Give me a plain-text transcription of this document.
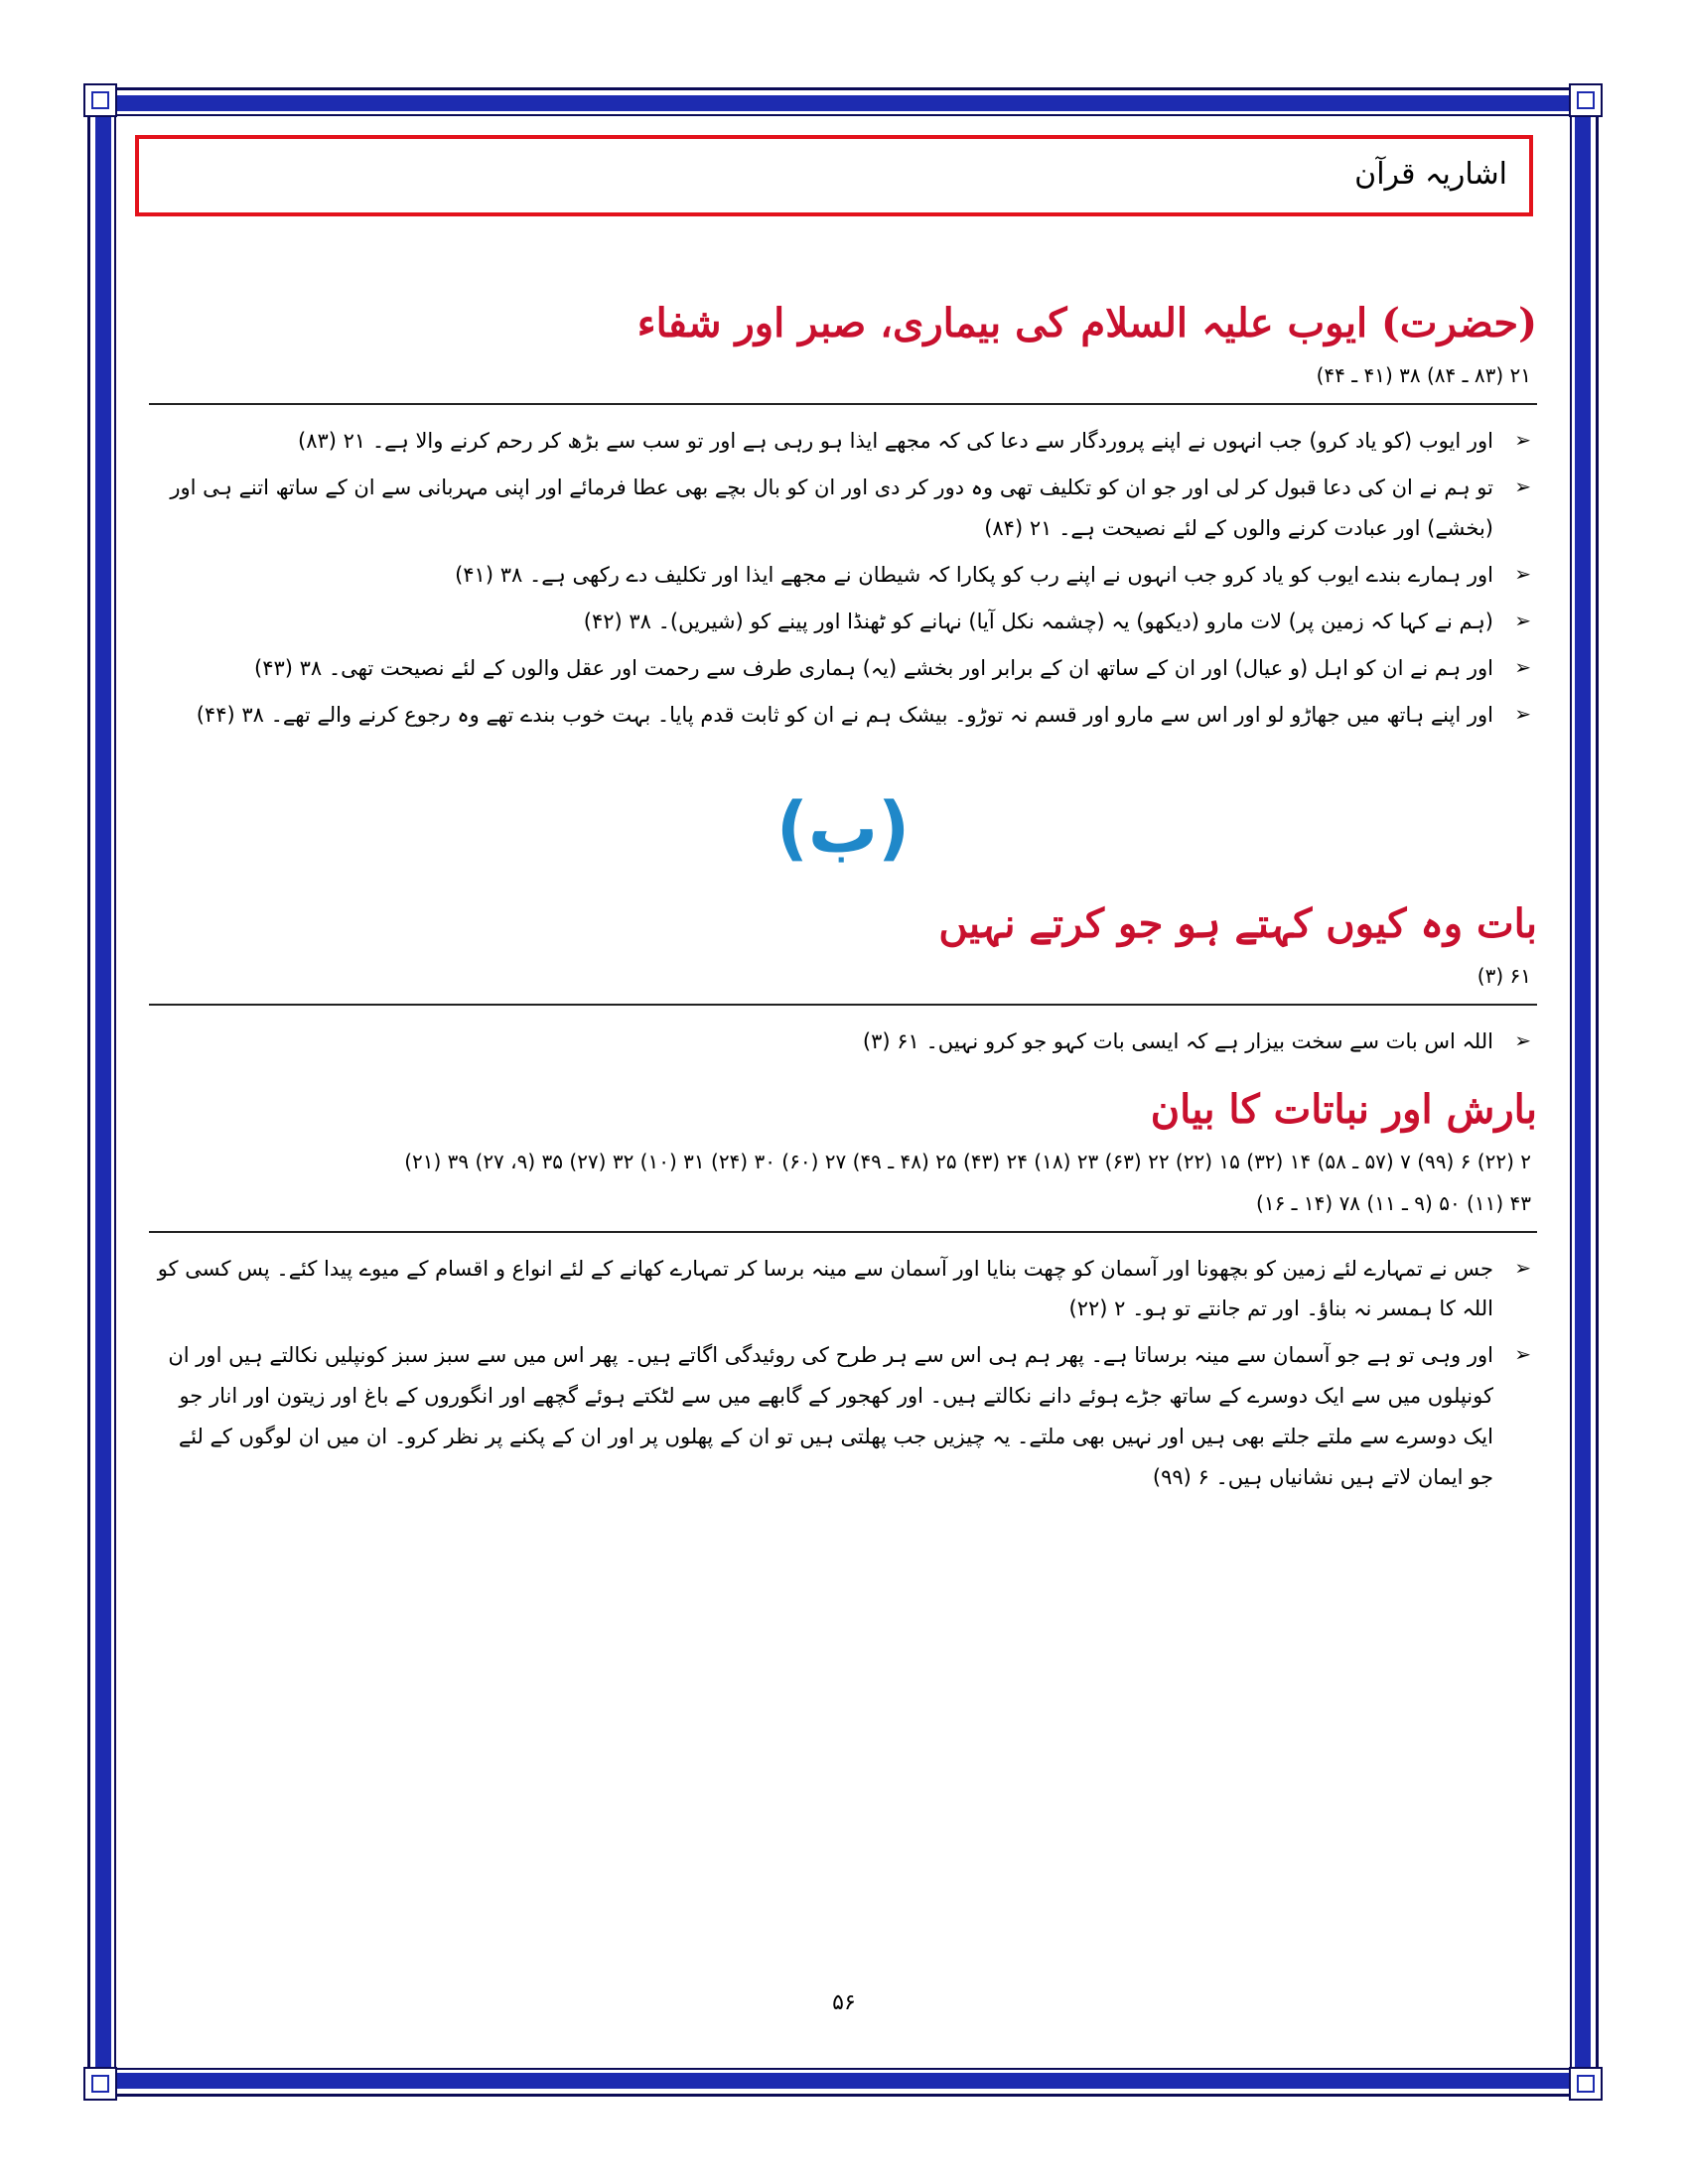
اشاریہ قرآن
(حضرت) ایوب علیہ السلام کی بیماری، صبر اور شفاء
۲۱ (۸۳ ـ ۸۴) ۳۸ (۴۱ ـ ۴۴)
➢
اور ایوب (کو یاد کرو) جب انہوں نے اپنے پروردگار سے دعا کی کہ مجھے ایذا ہو رہی ہے اور تو سب سے بڑھ کر رحم کرنے والا ہے۔ ۲۱ (۸۳)
➢
تو ہم نے ان کی دعا قبول کر لی اور جو ان کو تکلیف تھی وہ دور کر دی اور ان کو بال بچے بھی عطا فرمائے اور اپنی مہربانی سے ان کے ساتھ اتنے ہی اور (بخشے) اور عبادت کرنے والوں کے لئے نصیحت ہے۔ ۲۱ (۸۴)
➢
اور ہمارے بندے ایوب کو یاد کرو جب انہوں نے اپنے رب کو پکارا کہ شیطان نے مجھے ایذا اور تکلیف دے رکھی ہے۔ ۳۸ (۴۱)
➢
(ہم نے کہا کہ زمین پر) لات مارو (دیکھو) یہ (چشمہ نکل آیا) نہانے کو ٹھنڈا اور پینے کو (شیریں)۔ ۳۸ (۴۲)
➢
اور ہم نے ان کو اہل (و عیال) اور ان کے ساتھ ان کے برابر اور بخشے (یہ) ہماری طرف سے رحمت اور عقل والوں کے لئے نصیحت تھی۔ ۳۸ (۴۳)
➢
اور اپنے ہاتھ میں جھاڑو لو اور اس سے مارو اور قسم نہ توڑو۔ بیشک ہم نے ان کو ثابت قدم پایا۔ بہت خوب بندے تھے وہ رجوع کرنے والے تھے۔ ۳۸ (۴۴)
(ب)
بات وہ کیوں کہتے ہو جو کرتے نہیں
۶۱ (۳)
➢
اللہ اس بات سے سخت بیزار ہے کہ ایسی بات کہو جو کرو نہیں۔ ۶۱ (۳)
بارش اور نباتات کا بیان
۲ (۲۲) ۶ (۹۹) ۷ (۵۷ ـ ۵۸) ۱۴ (۳۲) ۱۵ (۲۲) ۲۲ (۶۳) ۲۳ (۱۸) ۲۴ (۴۳) ۲۵ (۴۸ ـ ۴۹) ۲۷ (۶۰) ۳۰ (۲۴) ۳۱ (۱۰) ۳۲ (۲۷) ۳۵ (۹، ۲۷) ۳۹ (۲۱)
۴۳ (۱۱) ۵۰ (۹ ـ ۱۱) ۷۸ (۱۴ ـ ۱۶)
➢
جس نے تمہارے لئے زمین کو بچھونا اور آسمان کو چھت بنایا اور آسمان سے مینہ برسا کر تمہارے کھانے کے لئے انواع و اقسام کے میوے پیدا کئے۔ پس کسی کو اللہ کا ہمسر نہ بناؤ۔ اور تم جانتے تو ہو۔ ۲ (۲۲)
➢
اور وہی تو ہے جو آسمان سے مینہ برساتا ہے۔ پھر ہم ہی اس سے ہر طرح کی روئیدگی اگاتے ہیں۔ پھر اس میں سے سبز سبز کونپلیں نکالتے ہیں اور ان کونپلوں میں سے ایک دوسرے کے ساتھ جڑے ہوئے دانے نکالتے ہیں۔ اور کھجور کے گابھے میں سے لٹکتے ہوئے گچھے اور انگوروں کے باغ اور زیتون اور انار جو ایک دوسرے سے ملتے جلتے بھی ہیں اور نہیں بھی ملتے۔ یہ چیزیں جب پھلتی ہیں تو ان کے پھلوں پر اور ان کے پکنے پر نظر کرو۔ ان میں ان لوگوں کے لئے جو ایمان لاتے ہیں نشانیاں ہیں۔ ۶ (۹۹)
۵۶
